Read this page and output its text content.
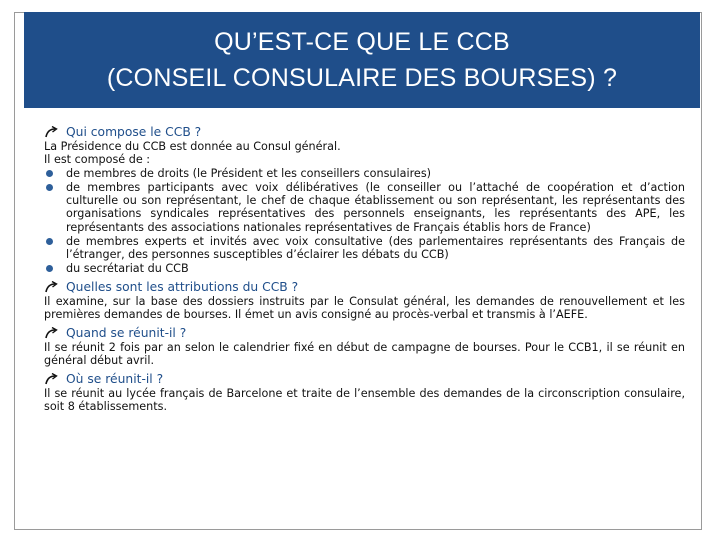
QU’EST-CE QUE LE CCB
(CONSEIL CONSULAIRE DES BOURSES) ?
Qui compose le CCB ?

La Présidence du CCB est donnée au Consul général.

Il est composé de :

de membres de droits (le Président et les conseillers consulaires)
de membres participants avec voix délibératives (le conseiller ou l’attaché de coopération et d’action culturelle ou son représentant, le chef de chaque établissement ou son représentant, les représentants des organisations syndicales représentatives des personnels enseignants, les représentants des APE, les représentants des associations nationales représentatives de Français établis hors de France)
de membres experts et invités avec voix consultative (des parlementaires représentants des Français de l’étranger, des personnes susceptibles d’éclairer les débats du CCB)
du secrétariat du CCB
Quelles sont les attributions du CCB ?

Il examine, sur la base des dossiers instruits par le Consulat général, les demandes de renouvellement et les premières demandes de bourses. Il émet un avis consigné au procès-verbal et transmis à l’AEFE.

Quand se réunit-il ?

Il se réunit 2 fois par an selon le calendrier fixé en début de campagne de bourses. Pour le CCB1, il se réunit en général début avril.

Où se réunit-il ?

Il se réunit au lycée français de Barcelone et traite de l’ensemble des demandes de la circonscription consulaire, soit 8 établissements.
